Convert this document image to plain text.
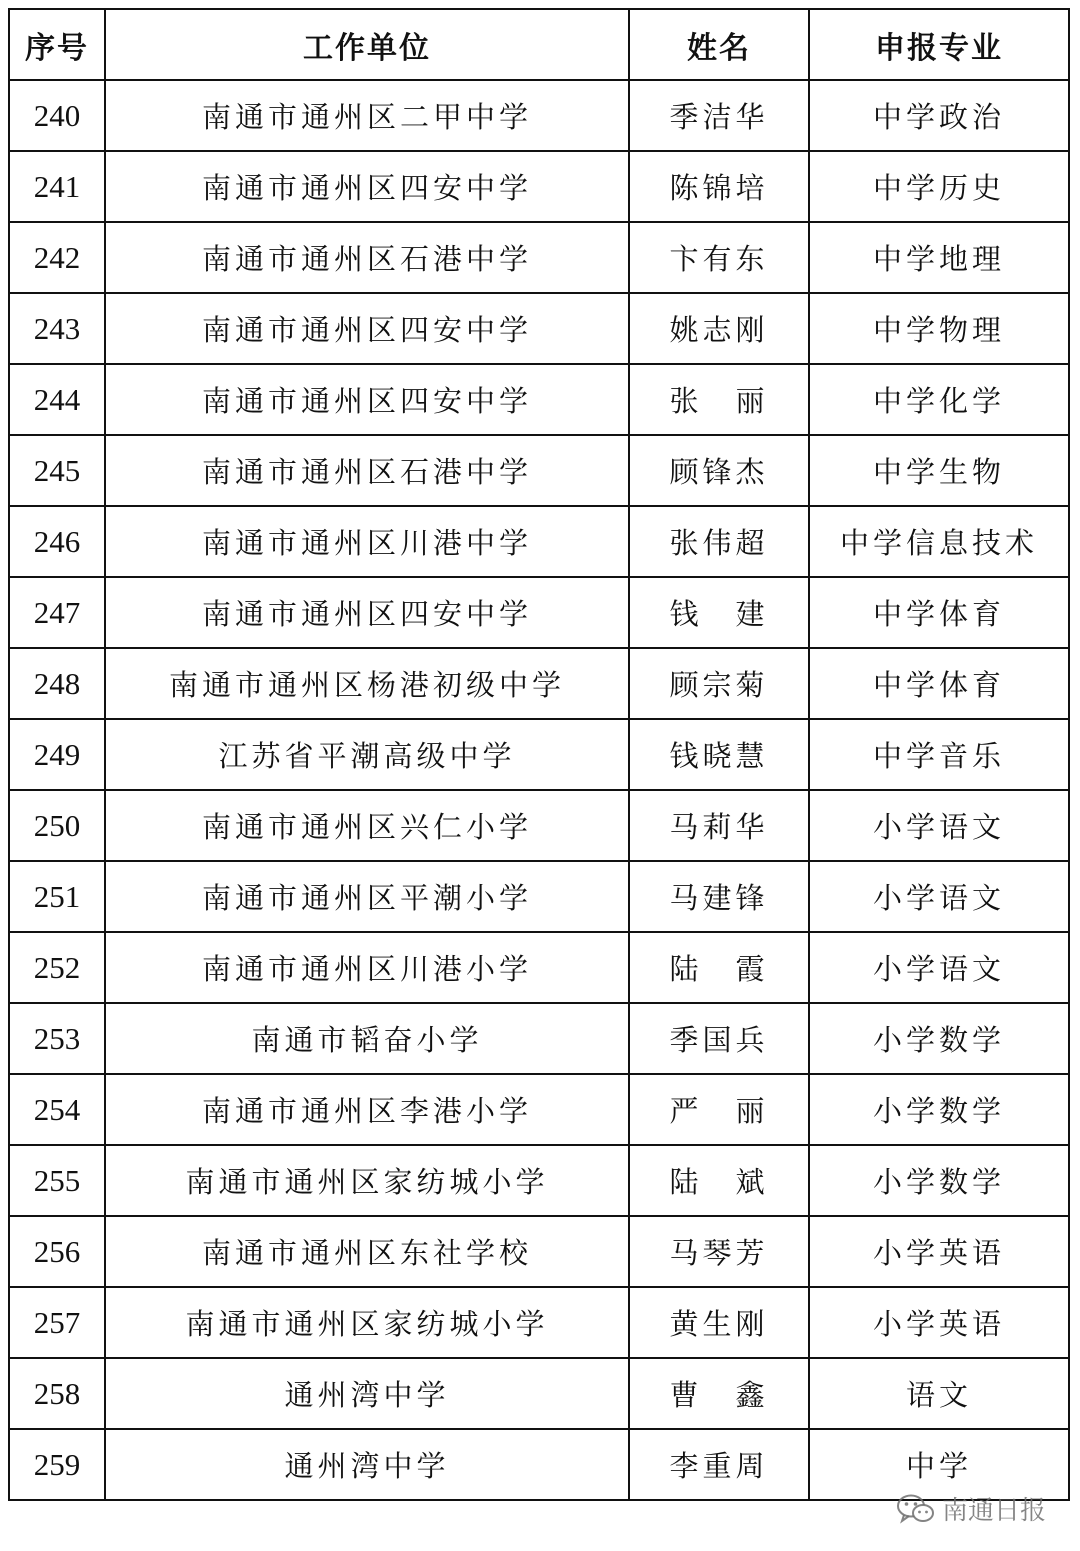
序号	工作单位	姓名	申报专业
240	南通市通州区二甲中学	季洁华	中学政治
241	南通市通州区四安中学	陈锦培	中学历史
242	南通市通州区石港中学	卞有东	中学地理
243	南通市通州区四安中学	姚志刚	中学物理
244	南通市通州区四安中学	张　丽	中学化学
245	南通市通州区石港中学	顾锋杰	中学生物
246	南通市通州区川港中学	张伟超	中学信息技术
247	南通市通州区四安中学	钱　建	中学体育
248	南通市通州区杨港初级中学	顾宗菊	中学体育
249	江苏省平潮高级中学	钱晓慧	中学音乐
250	南通市通州区兴仁小学	马莉华	小学语文
251	南通市通州区平潮小学	马建锋	小学语文
252	南通市通州区川港小学	陆　霞	小学语文
253	南通市韬奋小学	季国兵	小学数学
254	南通市通州区李港小学	严　丽	小学数学
255	南通市通州区家纺城小学	陆　斌	小学数学
256	南通市通州区东社学校	马琴芳	小学英语
257	南通市通州区家纺城小学	黄生刚	小学英语
258	通州湾中学	曹　鑫	语文
259	通州湾中学	李重周	中学
南通日报
